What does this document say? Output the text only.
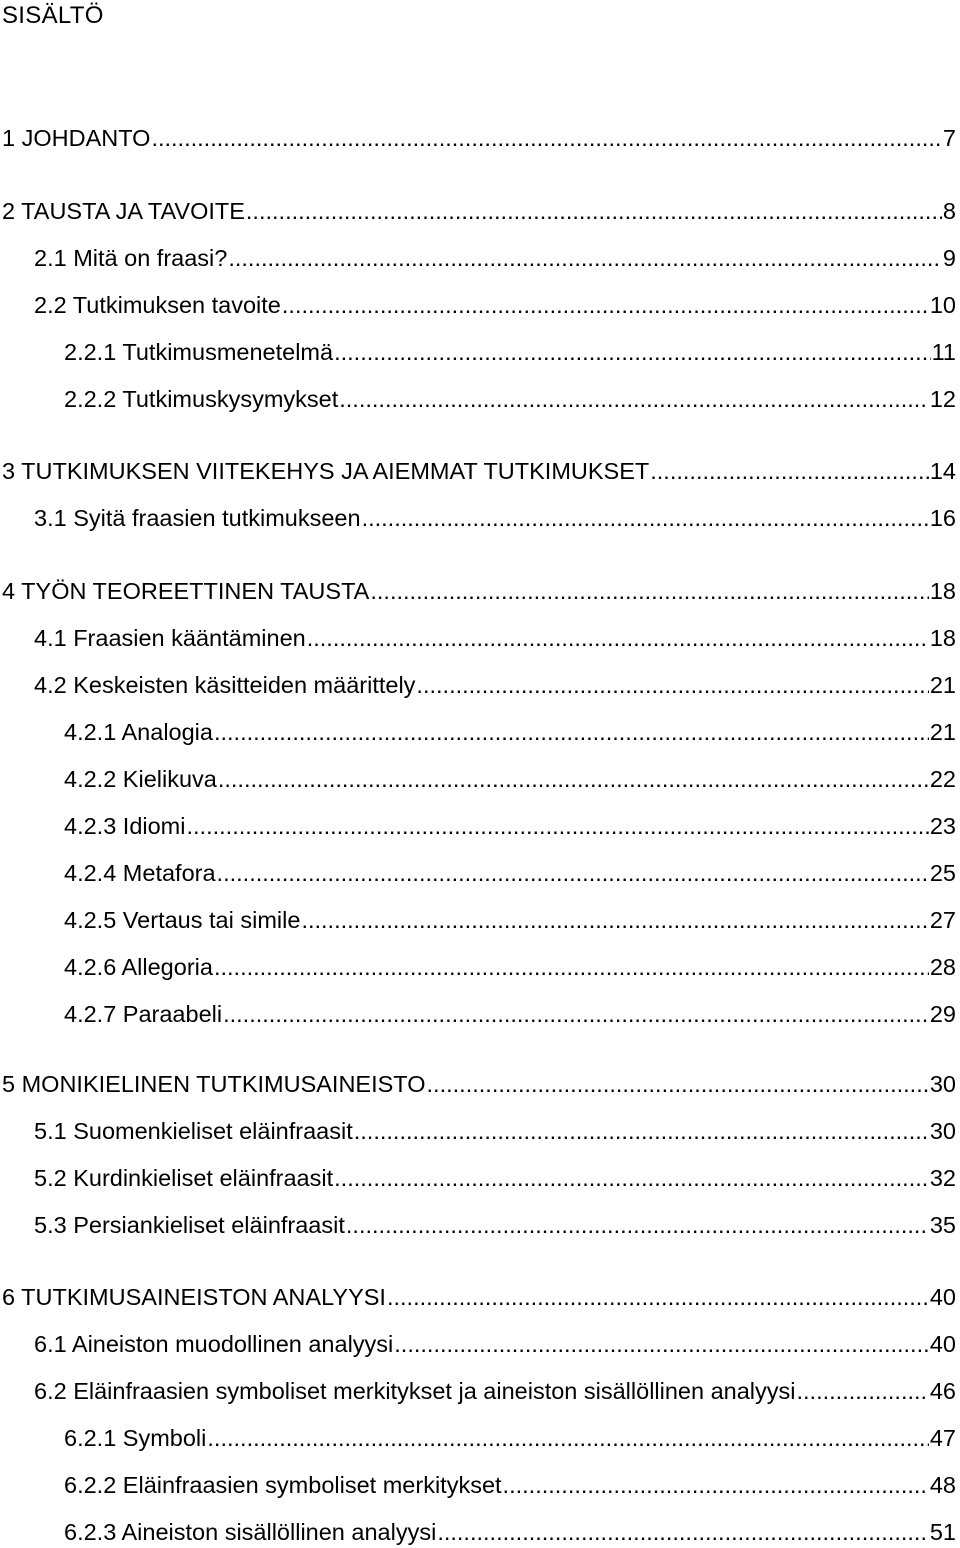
SISÄLTÖ
1 JOHDANTO .....	7
2 TAUSTA JA TAVOITE .....	8
2.1 Mitä on fraasi? .....	9
2.2 Tutkimuksen tavoite .....	10
2.2.1 Tutkimusmenetelmä .....	11
2.2.2 Tutkimuskysymykset .....	12
3 TUTKIMUKSEN VIITEKEHYS JA AIEMMAT TUTKIMUKSET .....	14
3.1 Syitä fraasien tutkimukseen .....	16
4 TYÖN TEOREETTINEN TAUSTA .....	18
4.1 Fraasien kääntäminen .....	18
4.2 Keskeisten käsitteiden määrittely .....	21
4.2.1 Analogia .....	21
4.2.2 Kielikuva .....	22
4.2.3 Idiomi .....	23
4.2.4 Metafora .....	25
4.2.5 Vertaus tai simile .....	27
4.2.6 Allegoria .....	28
4.2.7 Paraabeli .....	29
5 MONIKIELINEN TUTKIMUSAINEISTO .....	30
5.1 Suomenkieliset eläinfraasit .....	30
5.2 Kurdinkieliset eläinfraasit .....	32
5.3 Persiankieliset eläinfraasit .....	35
6 TUTKIMUSAINEISTON ANALYYSI .....	40
6.1 Aineiston muodollinen analyysi .....	40
6.2 Eläinfraasien symboliset merkitykset ja aineiston sisällöllinen analyysi .....	46
6.2.1 Symboli .....	47
6.2.2 Eläinfraasien symboliset merkitykset .....	48
6.2.3 Aineiston sisällöllinen analyysi .....	51
